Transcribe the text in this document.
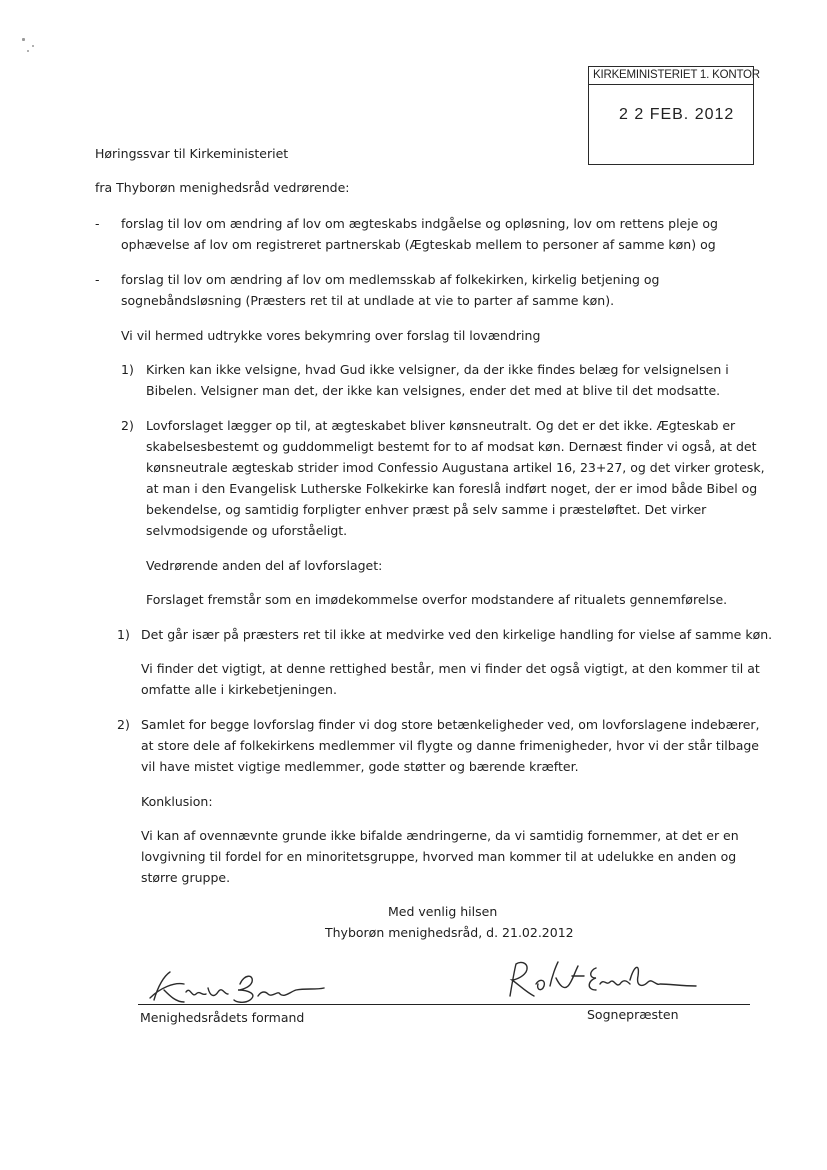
KIRKEMINISTERIET 1. KONTOR
2 2 FEB. 2012
Høringssvar til Kirkeministeriet
fra Thyborøn menighedsråd vedrørende:
- forslag til lov om ændring af lov om ægteskabs indgåelse og opløsning, lov om rettens pleje og
ophævelse af lov om registreret partnerskab (Ægteskab mellem to personer af samme køn) og
- forslag til lov om ændring af lov om medlemsskab af folkekirken, kirkelig betjening og
sognebåndsløsning (Præsters ret til at undlade at vie to parter af samme køn).
Vi vil hermed udtrykke vores bekymring over forslag til lovændring
1) Kirken kan ikke velsigne, hvad Gud ikke velsigner, da der ikke findes belæg for velsignelsen i
Bibelen. Velsigner man det, der ikke kan velsignes, ender det med at blive til det modsatte.
2) Lovforslaget lægger op til, at ægteskabet bliver kønsneutralt. Og det er det ikke. Ægteskab er
skabelsesbestemt og guddommeligt bestemt for to af modsat køn. Dernæst finder vi også, at det
kønsneutrale ægteskab strider imod Confessio Augustana artikel 16, 23+27, og det virker grotesk,
at man i den Evangelisk Lutherske Folkekirke kan foreslå indført noget, der er imod både Bibel og
bekendelse, og samtidig forpligter enhver præst på selv samme i præsteløftet. Det virker
selvmodsigende og uforståeligt.
Vedrørende anden del af lovforslaget:
Forslaget fremstår som en imødekommelse overfor modstandere af ritualets gennemførelse.
1) Det går især på præsters ret til ikke at medvirke ved den kirkelige handling for vielse af samme køn.
Vi finder det vigtigt, at denne rettighed består, men vi finder det også vigtigt, at den kommer til at
omfatte alle i kirkebetjeningen.
2) Samlet for begge lovforslag finder vi dog store betænkeligheder ved, om lovforslagene indebærer,
at store dele af folkekirkens medlemmer vil flygte og danne frimenigheder, hvor vi der står tilbage
vil have mistet vigtige medlemmer, gode støtter og bærende kræfter.
Konklusion:
Vi kan af ovennævnte grunde ikke bifalde ændringerne, da vi samtidig fornemmer, at det er en
lovgivning til fordel for en minoritetsgruppe, hvorved man kommer til at udelukke en anden og
større gruppe.
Med venlig hilsen
Thyborøn menighedsråd, d. 21.02.2012
Menighedsrådets formand	Sognepræsten
